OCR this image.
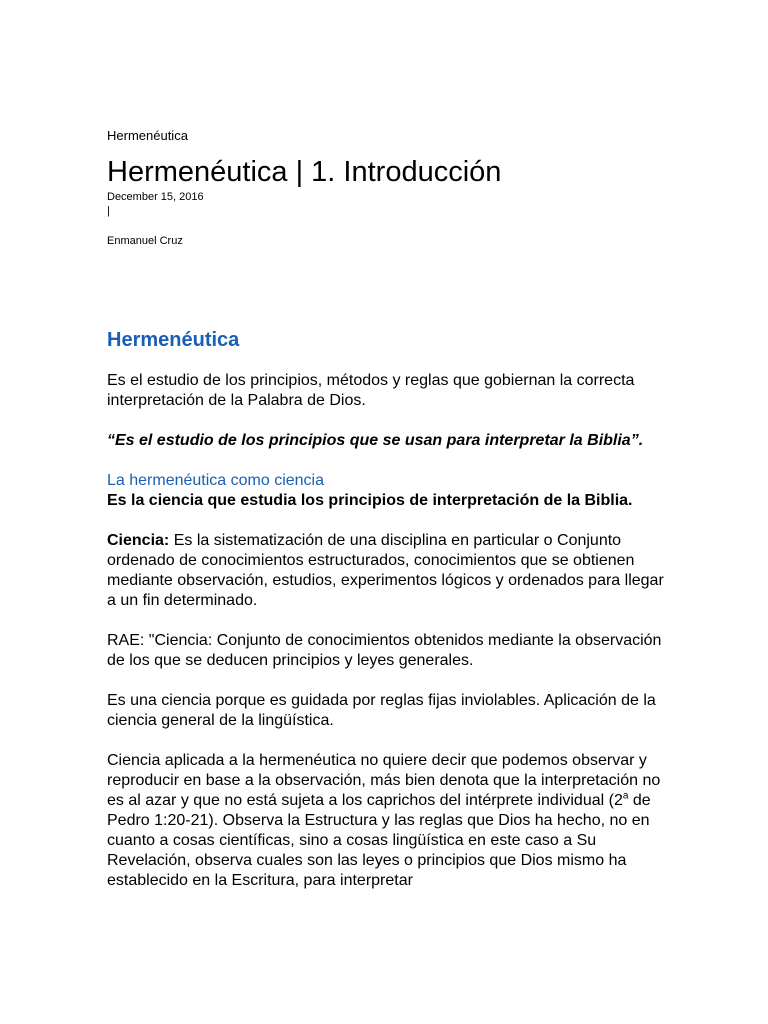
Hermenéutica
Hermenéutica | 1. Introducción
December 15, 2016
|
Enmanuel Cruz
Hermenéutica

Es el estudio de los principios, métodos y reglas que gobiernan la correcta interpretación de la Palabra de Dios.

“Es el estudio de los principios que se usan para interpretar la Biblia”.

La hermenéutica como ciencia

Es la ciencia que estudia los principios de interpretación de la Biblia.

Ciencia: Es la sistematización de una disciplina en particular o Conjunto ordenado de conocimientos estructurados, conocimientos que se obtienen mediante observación, estudios, experimentos lógicos y ordenados para llegar a un fin determinado.

RAE: "Ciencia: Conjunto de conocimientos obtenidos mediante la observación de los que se deducen principios y leyes generales.

Es una ciencia porque es guidada por reglas fijas inviolables. Aplicación de la ciencia general de la lingüística.

Ciencia aplicada a la hermenéutica no quiere decir que podemos observar y reproducir en base a la observación, más bien denota que la interpretación no es al azar y que no está sujeta a los caprichos del intérprete individual (2$^a$ de Pedro 1:20-21). Observa la Estructura y las reglas que Dios ha hecho, no en cuanto a cosas científicas, sino a cosas lingüística en este caso a Su Revelación, observa cuales son las leyes o principios que Dios mismo ha establecido en la Escritura, para interpretar
